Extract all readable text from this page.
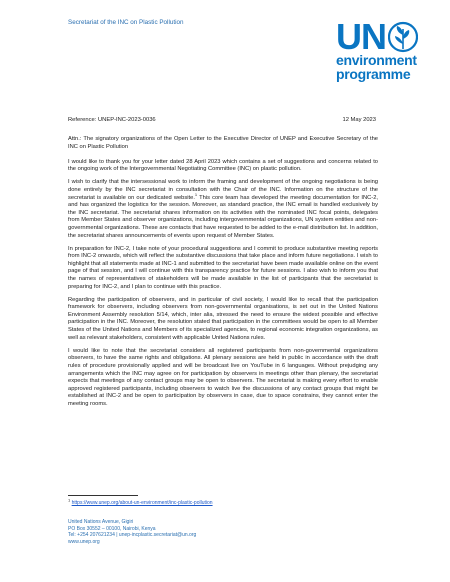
Secretariat of the INC on Plastic Pollution	UN
environment
programme
Reference: UNEP-INC-2023-0036	12 May 2023

Attn.: The signatory organizations of the Open Letter to the Executive Director of UNEP and Executive Secretary of the INC on Plastic Pollution

I would like to thank you for your letter dated 28 April 2023 which contains a set of suggestions and concerns related to the ongoing work of the Intergovernmental Negotiating Committee (INC) on plastic pollution.

I wish to clarify that the intersessional work to inform the framing and development of the ongoing negotiations is being done entirely by the INC secretariat in consultation with the Chair of the INC. Information on the structure of the secretariat is available on our dedicated website.$^1$ This core team has developed the meeting documentation for INC-2, and has organized the logistics for the session. Moreover, as standard practice, the INC email is handled exclusively by the INC secretariat. The secretariat shares information on its activities with the nominated INC focal points, delegates from Member States and observer organizations, including intergovernmental organizations, UN system entities and non-governmental organizations. These are contacts that have requested to be added to the e-mail distribution list. In addition, the secretariat shares announcements of events upon request of Member States.

In preparation for INC-2, I take note of your procedural suggestions and I commit to produce substantive meeting reports from INC-2 onwards, which will reflect the substantive discussions that take place and inform future negotiations. I wish to highlight that all statements made at INC-1 and submitted to the secretariat have been made available online on the event page of that session, and I will continue with this transparency practice for future sessions. I also wish to inform you that the names of representatives of stakeholders will be made available in the list of participants that the secretariat is preparing for INC-2, and I plan to continue with this practice.

Regarding the participation of observers, and in particular of civil society, I would like to recall that the participation framework for observers, including observers from non-governmental organisations, is set out in the United Nations Environment Assembly resolution 5/14, which, inter alia, stressed the need to ensure the widest possible and effective participation in the INC. Moreover, the resolution stated that participation in the committees would be open to all Member States of the United Nations and Members of its specialized agencies, to regional economic integration organizations, as well as relevant stakeholders, consistent with applicable United Nations rules.

I would like to note that the secretariat considers all registered participants from non-governmental organizations observers, to have the same rights and obligations. All plenary sessions are held in public in accordance with the draft rules of procedure provisionally applied and will be broadcast live on YouTube in 6 languages. Without prejudging any arrangements which the INC may agree on for participation by observers in meetings other than plenary, the secretariat expects that meetings of any contact groups may be open to observers. The secretariat is making every effort to enable approved registered participants, including observers to watch live the discussions of any contact groups that might be established at INC-2 and be open to participation by observers in case, due to space constrains, they cannot enter the meeting rooms.

$^1$ https://www.unep.org/about-un-environment/inc-plastic-pollution
United Nations Avenue, Gigiri
PO Box 30552 – 00100, Nairobi, Kenya
Tel: +254 207621234 | unep-incplastic.secretariat@un.org
www.unep.org
